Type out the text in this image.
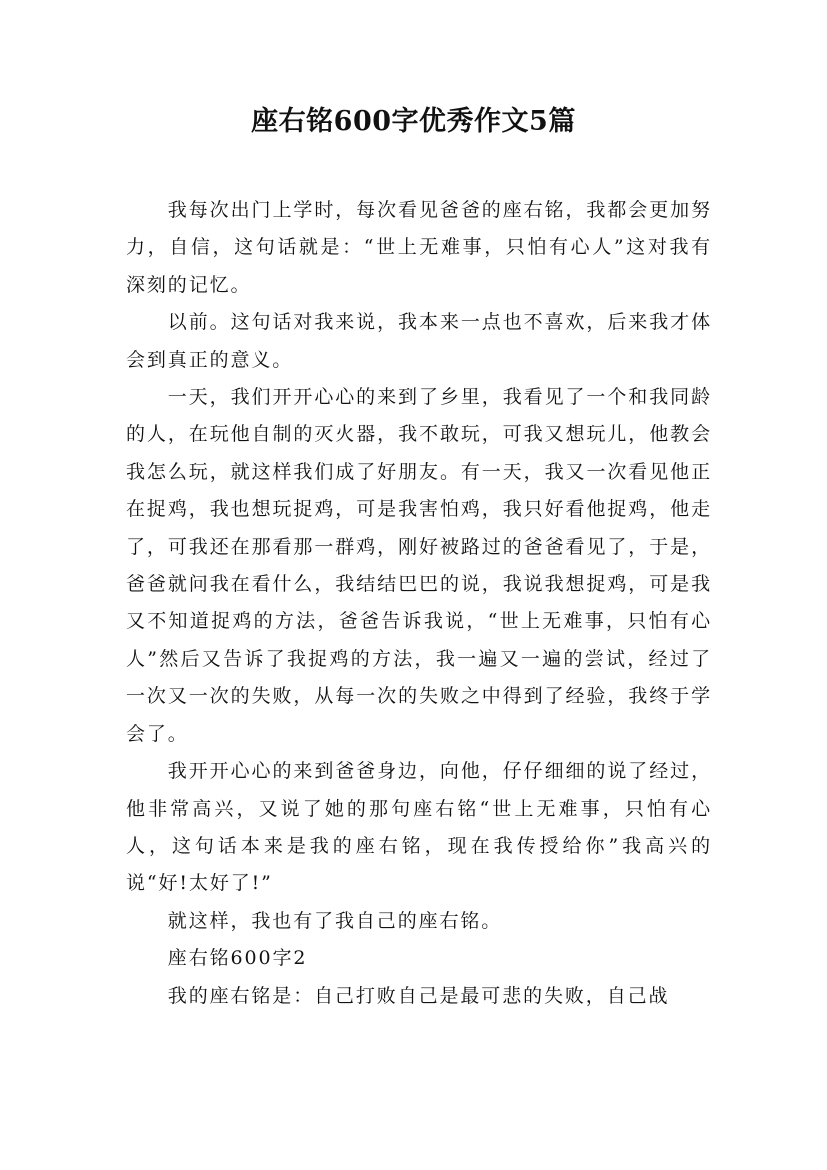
座右铭600字优秀作文5篇

我每次出门上学时，每次看见爸爸的座右铭，我都会更加努力，自信，这句话就是：“世上无难事，只怕有心人”这对我有深刻的记忆。

以前。这句话对我来说，我本来一点也不喜欢，后来我才体会到真正的意义。

一天，我们开开心心的来到了乡里，我看见了一个和我同龄的人，在玩他自制的灭火器，我不敢玩，可我又想玩儿，他教会我怎么玩，就这样我们成了好朋友。有一天，我又一次看见他正在捉鸡，我也想玩捉鸡，可是我害怕鸡，我只好看他捉鸡，他走了，可我还在那看那一群鸡，刚好被路过的爸爸看见了，于是，爸爸就问我在看什么，我结结巴巴的说，我说我想捉鸡，可是我又不知道捉鸡的方法，爸爸告诉我说，“世上无难事，只怕有心人”然后又告诉了我捉鸡的方法，我一遍又一遍的尝试，经过了一次又一次的失败，从每一次的失败之中得到了经验，我终于学会了。

我开开心心的来到爸爸身边，向他，仔仔细细的说了经过，他非常高兴，又说了她的那句座右铭“世上无难事，只怕有心人，这句话本来是我的座右铭，现在我传授给你”我高兴的说“好!太好了!”

就这样，我也有了我自己的座右铭。

座右铭600字2

我的座右铭是：自己打败自己是最可悲的失败，自己战
